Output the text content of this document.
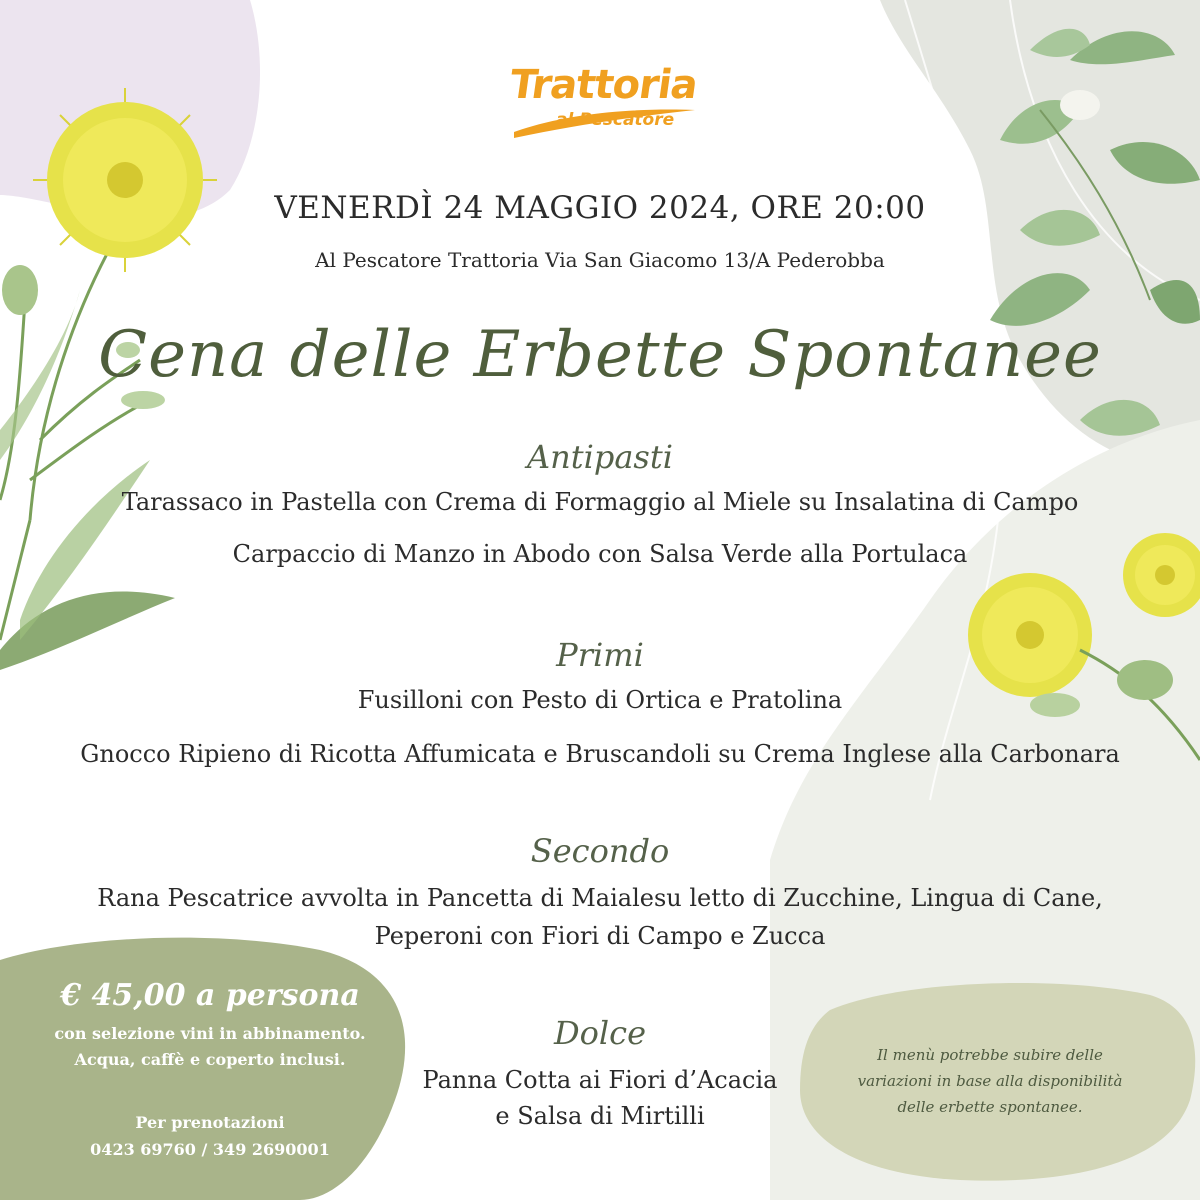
Trattoria
al Pescatore
VENERDÌ 24 MAGGIO 2024, ORE 20:00
Al Pescatore Trattoria Via San Giacomo 13/A Pederobba
Cena delle Erbette Spontanee
Antipasti
Tarassaco in Pastella con Crema di Formaggio al Miele su Insalatina di Campo
Carpaccio di Manzo in Abodo con Salsa Verde alla Portulaca
Primi
Fusilloni con Pesto di Ortica e Pratolina
Gnocco Ripieno di Ricotta Affumicata e Bruscandoli su Crema Inglese alla Carbonara
Secondo
Rana Pescatrice avvolta in Pancetta di Maialesu letto di Zucchine, Lingua di Cane,
Peperoni con Fiori di Campo e Zucca
Dolce
Panna Cotta ai Fiori d’Acacia
e Salsa di Mirtilli
€ 45,00 a persona
con selezione vini in abbinamento.
Acqua, caffè e coperto inclusi.
Per prenotazioni
0423 69760 / 349 2690001
Il menù potrebbe subire delle
variazioni in base alla disponibilità
delle erbette spontanee.
